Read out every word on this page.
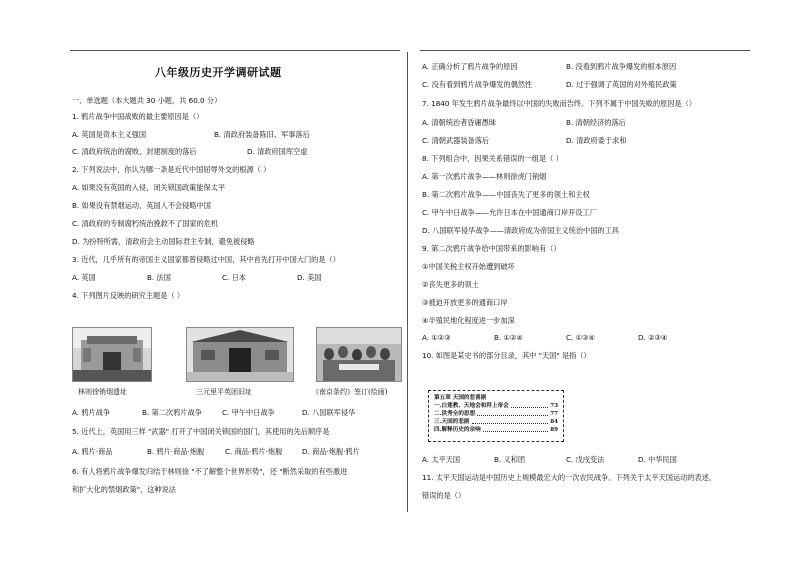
八年级历史开学调研试题
一、单选题（本大题共 30 小题，共 60.0 分）
1. 鸦片战争中国战败的最主要原因是（）
A. 英国是资本主义强国	B. 清政府装备陈旧、军事落后
C. 清政府统治的腐败，封建制度的落后	D. 清政府国库空虚
2. 下列说法中，你认为哪一条是近代中国屈辱外交的根源（ ）
A. 如果没有英国的入侵，闭关锁国政策能保太平
B. 如果没有禁烟运动，英国人不会侵略中国
C. 清政府的专制腐朽统治挽救不了国家的危机
D. 为扮特所需，清政府会主动国际君主专制，避免被侵略
3. 近代，几乎所有的帝国主义国家都曾侵略过中国，其中首先打开中国大门的是（）
A. 英国	B. 法国	C. 日本	D. 美国
4. 下列图片反映的研究主题是（ ）
林则徐销烟遗址	三元里平英团旧址	《南京条约》签订(绘画)
A. 鸦片战争	B. 第二次鸦片战争	C. 甲午中日战争	D. 八国联军侵华
5. 近代上，英国用三样 "武器" 打开了中国闭关锁国的国门，其使用的先后顺序是
A. 鸦片·商品	B. 鸦片·商品·炮舰	C. 商品·鸦片·炮舰	D. 商品·炮舰·鸦片
6. 有人将鸦片战争爆发归结于林则徐 "不了解整个世界形势"，还 "断然采取的有些激进
和扩大化的禁烟政策"，这种说法
A. 正确分析了鸦片战争的原因	B. 没看到鸦片战争爆发的根本原因
C. 没有看到鸦片战争爆发的偶然性	D. 过于强调了英国的对外殖民政策
7. 1840 年发生鸦片战争最终以中国的失败而告终。下列不属于中国失败的原因是（）
A. 清朝统治者昏庸愚昧	B. 清朝经济的落后
C. 清朝武器装备落后	D. 清政府委于求和
8. 下列组合中，因果关系错误的一组是（ ）
A. 第一次鸦片战争——林则徐虎门销烟
B. 第二次鸦片战争——中国丧失了更多的领土和主权
C. 甲午中日战争——允许日本在中国通商口岸开设工厂
D. 八国联军侵华战争——清政府成为帝国主义统治中国的工具
9. 第二次鸦片战争给中国带来的影响有（）
①中国关税主权开始遭到破坏
②丧失更多的领土
③被迫开放更多的通商口岸
④半殖民地化程度进一步加深
A. ①②③	B. ①②④	C. ①③④	D. ②③④
10. 如图是某史书的部分目录，其中 "天国" 是指（）
第五章 天国的悲喜剧
一.白莲教、天地会和拜上帝会	73
二.洪秀全的思想	77
三.天国的悲剧	84
四.解释历史的余响	89
A. 太平天国	B. 义和团	C. 戊戌变法	D. 中华民国
11. 太平天国运动是中国历史上规模最宏大的一次农民战争。下列关于太平天国运动的表述，
错误的是（）
